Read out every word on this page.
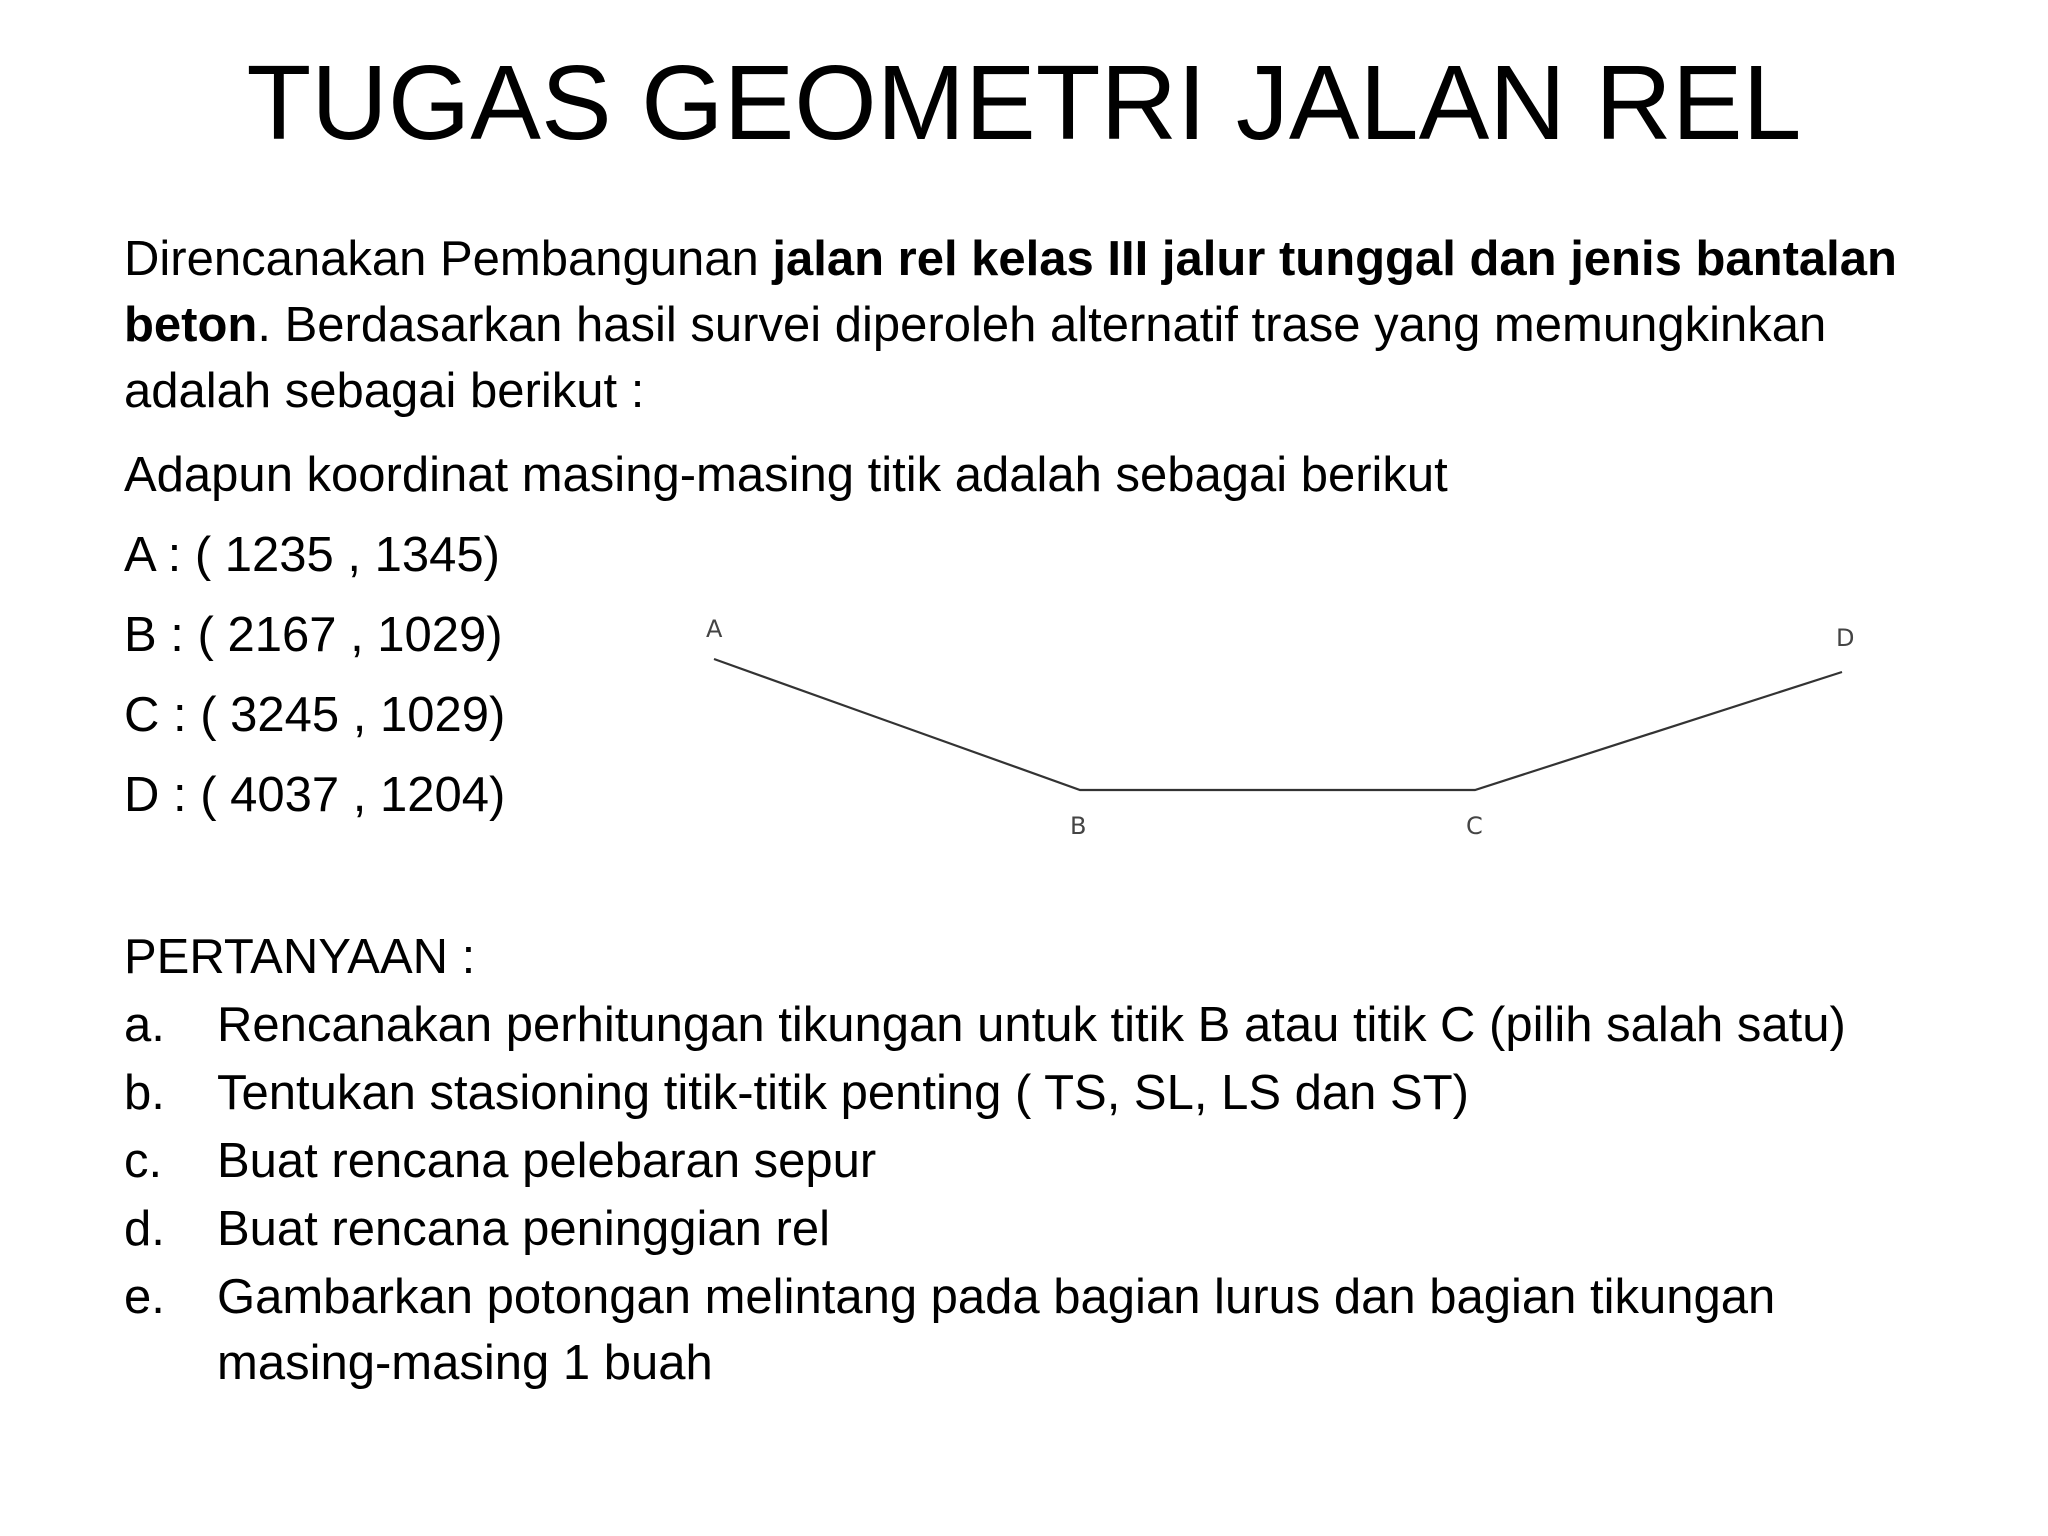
TUGAS GEOMETRI JALAN REL

Direncanakan Pembangunan jalan rel kelas III jalur tunggal dan jenis bantalan beton. Berdasarkan hasil survei diperoleh alternatif trase yang memungkinkan adalah sebagai berikut :

Adapun koordinat masing-masing titik adalah sebagai berikut

A : ( 1235 , 1345)

B : ( 2167 , 1029)

C : ( 3245 , 1029)

D : ( 4037 , 1204)

A
B	C
D

PERTANYAAN :

a.	Rencanakan perhitungan tikungan untuk titik B atau titik C (pilih salah satu)
b.	Tentukan stasioning titik-titik penting ( TS, SL, LS dan ST)
c.	Buat rencana pelebaran sepur
d.	Buat rencana peninggian rel
e.	Gambarkan potongan melintang pada bagian lurus dan bagian tikungan masing-masing 1 buah
